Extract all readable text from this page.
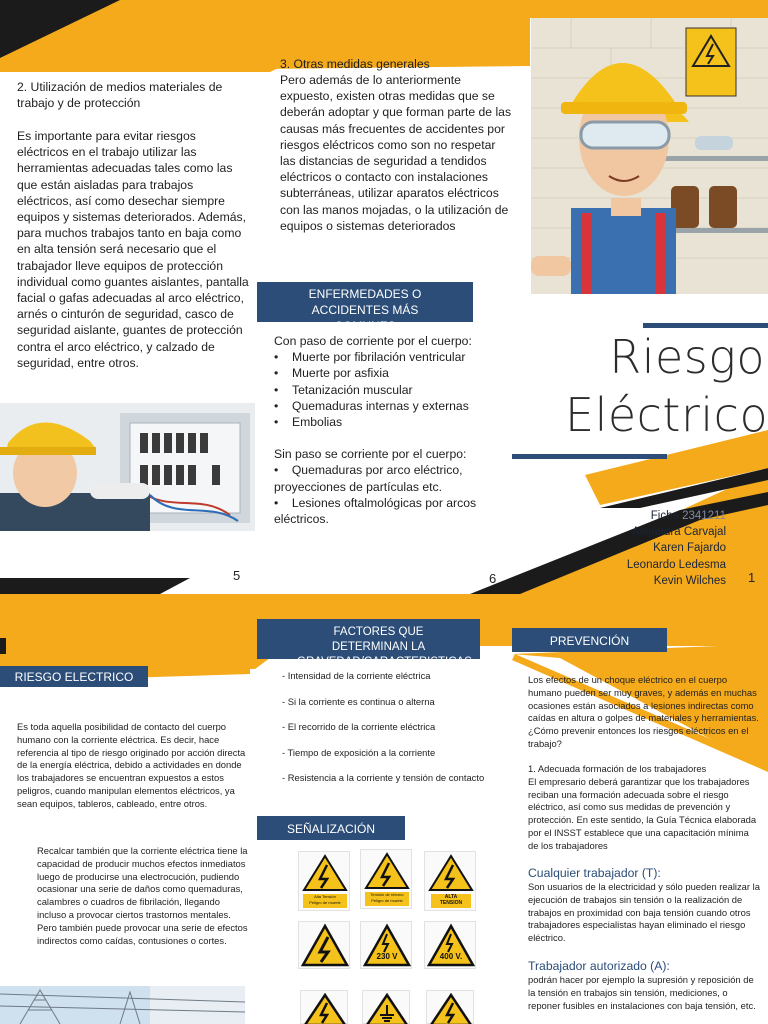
2. Utilización de medios materiales de trabajo y de protección
Es importante para evitar riesgos eléctricos en el trabajo utilizar las herramientas adecuadas tales como las que están aisladas para trabajos eléctricos, así como desechar siempre equipos y sistemas deteriorados. Además, para muchos trabajos tanto en baja como en alta tensión será necesario que el trabajador lleve equipos de protección individual como guantes aislantes, pantalla facial o gafas adecuadas al arco eléctrico, arnés o cinturón de seguridad, casco de seguridad aislante, guantes de protección contra el arco eléctrico, y calzado de seguridad, entre otros.
3. Otras medidas generales
Pero además de lo anteriormente expuesto, existen otras medidas que se deberán adoptar y que forman parte de las causas más frecuentes de accidentes por riesgos eléctricos como son no respetar las distancias de seguridad a tendidos eléctricos o contacto con instalaciones subterráneas, utilizar aparatos eléctricos con las manos mojadas, o la utilización de equipos o sistemas deteriorados
ENFERMEDADES O ACCIDENTES MÁS COMUNES
Con paso de corriente por el cuerpo:
• Muerte por fibrilación ventricular
• Muerte por asfixia
• Tetanización muscular
• Quemaduras internas y externas
• Embolias
Sin paso se corriente por el cuerpo:
•    Quemaduras por arco eléctrico, proyecciones de partículas etc.
•    Lesiones oftalmológicas por arcos eléctricos.
Riesgo
Eléctrico
Ficha 2341211
Alejandra Carvajal
Karen Fajardo
Leonardo Ledesma
Kevin Wilches
5	6	1
RIESGO ELECTRICO
Es toda aquella posibilidad de contacto del cuerpo humano con la corriente eléctrica. Es decir, hace referencia al tipo de riesgo originado por acción directa de la energía eléctrica, debido a actividades en donde los trabajadores se encuentran expuestos a estos peligros, cuando manipulan elementos eléctricos, ya sean equipos, tableros, cableado, entre otros.
Recalcar también que la corriente eléctrica tiene la capacidad de producir muchos efectos inmediatos luego de producirse una electrocución, pudiendo ocasionar una serie de daños como quemaduras, calambres o cuadros de fibrilación, llegando incluso a provocar ciertos trastornos mentales. Pero también puede provocar una serie de efectos indirectos como caídas, contusiones o cortes.
FACTORES QUE DETERMINAN LA GRAVEDAD/CARACTERISTICAS
- Intensidad de la corriente eléctrica
- Si la corriente es continua o alterna
- El recorrido de la corriente eléctrica
- Tiempo de exposición a la corriente
- Resistencia a la corriente y tensión de contacto
SEÑALIZACIÓN
Alta Tensión
Peligro de muerte
Tensión de retorno
Peligro de muerte
ALTA
TENSION
230 V	400 V.
PREVENCIÓN
Los efectos de un choque eléctrico en el cuerpo humano pueden ser muy graves, y además en muchas ocasiones están asociados a lesiones indirectas como caídas en altura o golpes de materiales y herramientas. ¿Cómo prevenir entonces los riesgos eléctricos en el trabajo?
1. Adecuada formación de los trabajadores
El empresario deberá garantizar que los trabajadores reciban una formación adecuada sobre el riesgo eléctrico, así como sus medidas de prevención y protección. En este sentido, la Guía Técnica elaborada por el INSST establece que una capacitación mínima de los trabajadores
Cualquier trabajador (T):
Son usuarios de la electricidad y sólo pueden realizar la ejecución de trabajos sin tensión o la realización de trabajos en proximidad con baja tensión cuando otros trabajadores especialistas hayan eliminado el riesgo eléctrico.
Trabajador autorizado (A):
podrán hacer por ejemplo la supresión y reposición de la tensión en trabajos sin tensión, mediciones, o reponer fusibles en instalaciones con baja tensión, etc.
